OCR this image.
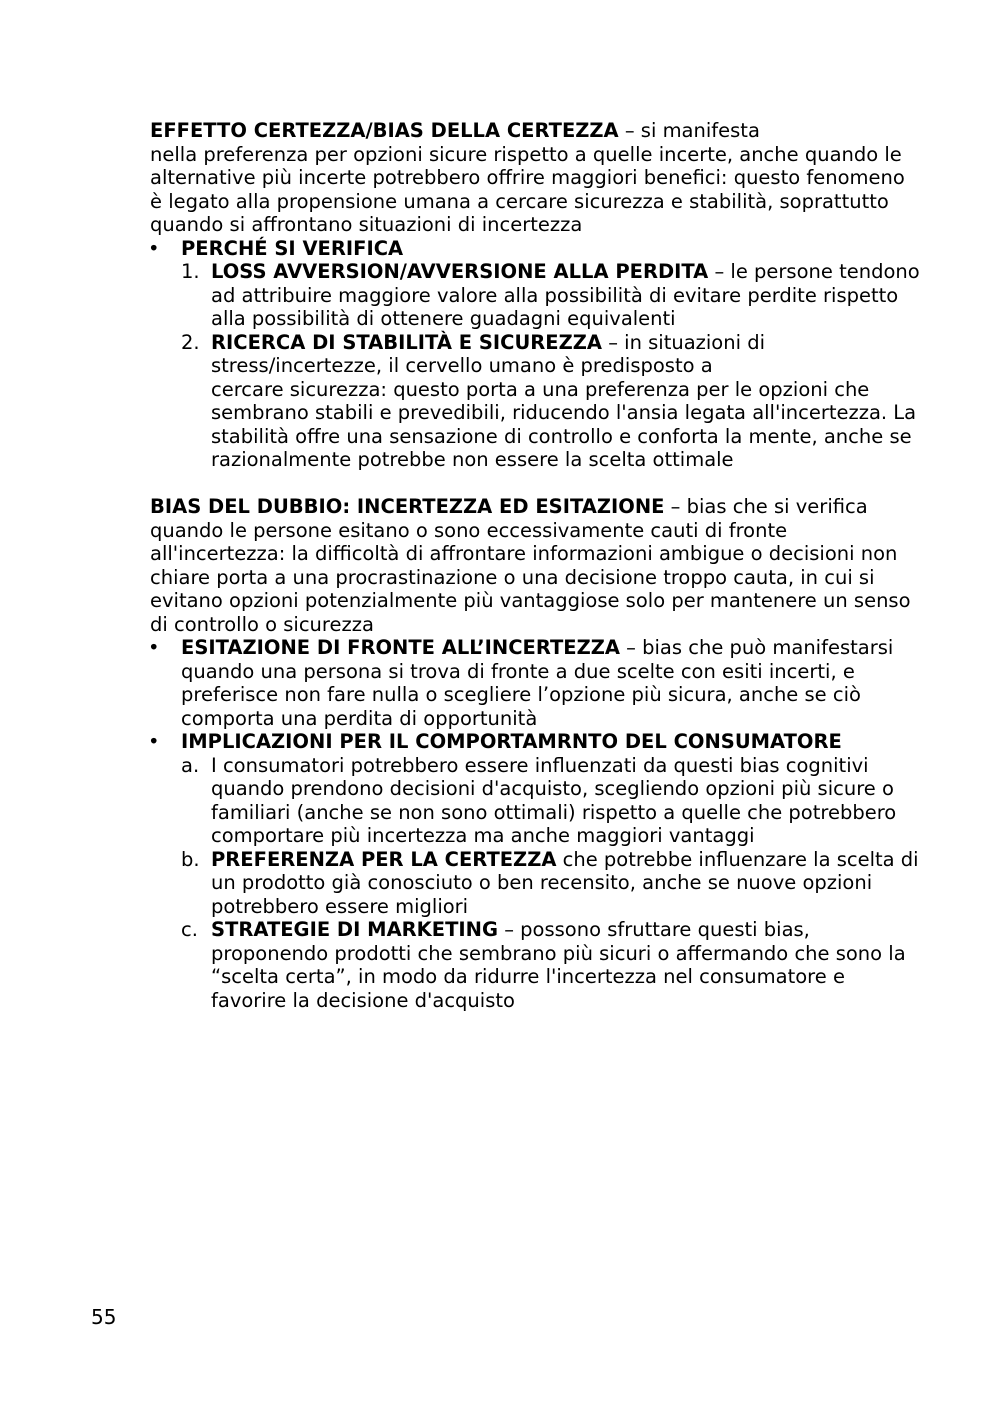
EFFETTO CERTEZZA/BIAS DELLA CERTEZZA – si manifesta

nella preferenza per opzioni sicure rispetto a quelle incerte, anche quando le alternative più incerte potrebbero offrire maggiori benefici: questo fenomeno è legato alla propensione umana a cercare sicurezza e stabilità, soprattutto quando si affrontano situazioni di incertezza

• PERCHÉ SI VERIFICA

1. LOSS AVVERSION/AVVERSIONE ALLA PERDITA – le persone tendono ad attribuire maggiore valore alla possibilità di evitare perdite rispetto alla possibilità di ottenere guadagni equivalenti

2. RICERCA DI STABILITÀ E SICUREZZA – in situazioni di stress/incertezze, il cervello umano è predisposto a

cercare sicurezza: questo porta a una preferenza per le opzioni che sembrano stabili e prevedibili, riducendo l'ansia legata all'incertezza. La stabilità offre una sensazione di controllo e conforta la mente, anche se razionalmente potrebbe non essere la scelta ottimale

BIAS DEL DUBBIO: INCERTEZZA ED ESITAZIONE – bias che si verifica quando le persone esitano o sono eccessivamente cauti di fronte all'incertezza: la difficoltà di affrontare informazioni ambigue o decisioni non chiare porta a una procrastinazione o una decisione troppo cauta, in cui si evitano opzioni potenzialmente più vantaggiose solo per mantenere un senso di controllo o sicurezza

• ESITAZIONE DI FRONTE ALL’INCERTEZZA – bias che può manifestarsi quando una persona si trova di fronte a due scelte con esiti incerti, e preferisce non fare nulla o scegliere l’opzione più sicura, anche se ciò comporta una perdita di opportunità

• IMPLICAZIONI PER IL COMPORTAMRNTO DEL CONSUMATORE

a. I consumatori potrebbero essere influenzati da questi bias cognitivi quando prendono decisioni d'acquisto, scegliendo opzioni più sicure o familiari (anche se non sono ottimali) rispetto a quelle che potrebbero comportare più incertezza ma anche maggiori vantaggi

b. PREFERENZA PER LA CERTEZZA che potrebbe influenzare la scelta di un prodotto già conosciuto o ben recensito, anche se nuove opzioni potrebbero essere migliori

c. STRATEGIE DI MARKETING – possono sfruttare questi bias, proponendo prodotti che sembrano più sicuri o affermando che sono la “scelta certa”, in modo da ridurre l'incertezza nel consumatore e favorire la decisione d'acquisto

55
